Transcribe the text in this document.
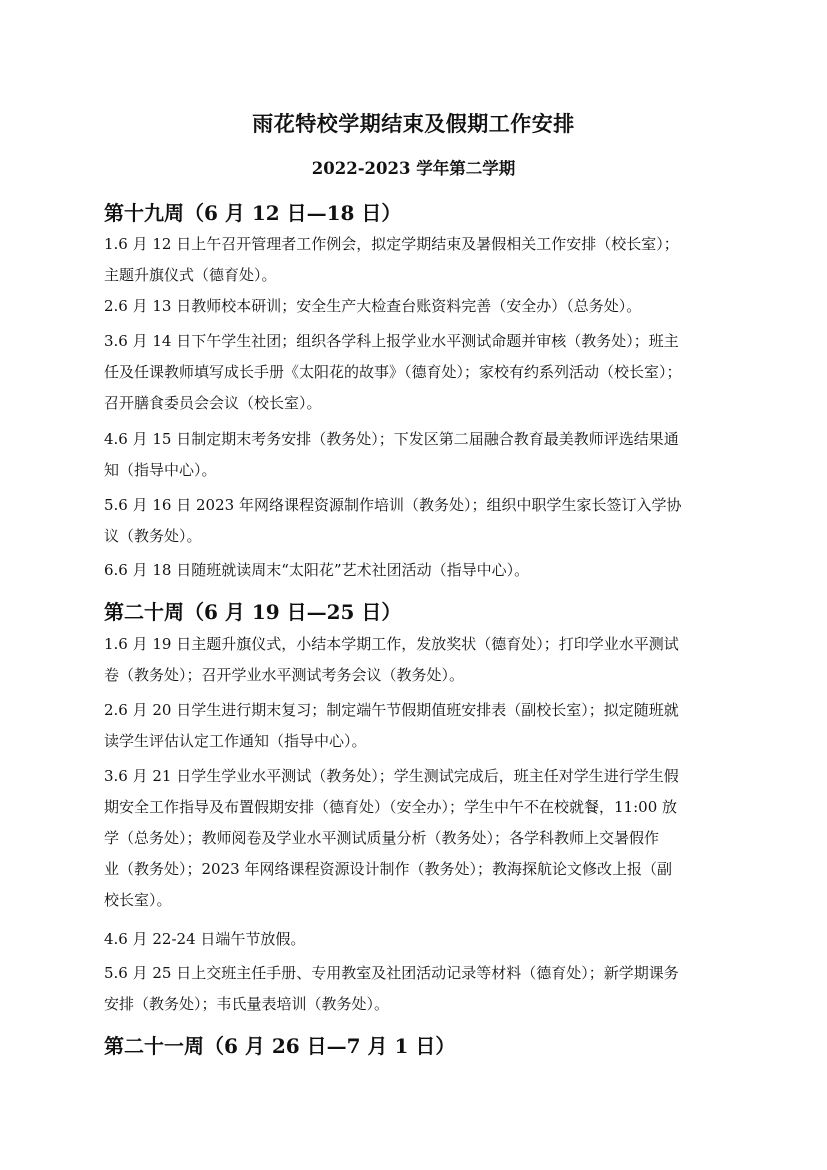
雨花特校学期结束及假期工作安排
2022-2023 学年第二学期
第十九周（6 月 12 日—18 日）
1.6 月 12 日上午召开管理者工作例会，拟定学期结束及暑假相关工作安排（校长室）；
主题升旗仪式（德育处）。
2.6 月 13 日教师校本研训；安全生产大检查台账资料完善（安全办）（总务处）。
3.6 月 14 日下午学生社团；组织各学科上报学业水平测试命题并审核（教务处）；班主
任及任课教师填写成长手册《太阳花的故事》（德育处）；家校有约系列活动（校长室）；
召开膳食委员会会议（校长室）。
4.6 月 15 日制定期末考务安排（教务处）；下发区第二届融合教育最美教师评选结果通
知（指导中心）。
5.6 月 16 日 2023 年网络课程资源制作培训（教务处）；组织中职学生家长签订入学协
议（教务处）。
6.6 月 18 日随班就读周末“太阳花”艺术社团活动（指导中心）。
第二十周（6 月 19 日—25 日）
1.6 月 19 日主题升旗仪式，小结本学期工作，发放奖状（德育处）；打印学业水平测试
卷（教务处）；召开学业水平测试考务会议（教务处）。
2.6 月 20 日学生进行期末复习；制定端午节假期值班安排表（副校长室）；拟定随班就
读学生评估认定工作通知（指导中心）。
3.6 月 21 日学生学业水平测试（教务处）；学生测试完成后，班主任对学生进行学生假
期安全工作指导及布置假期安排（德育处）（安全办）；学生中午不在校就餐，11:00 放
学（总务处）；教师阅卷及学业水平测试质量分析（教务处）；各学科教师上交暑假作
业（教务处）；2023 年网络课程资源设计制作（教务处）；教海探航论文修改上报（副
校长室）。
4.6 月 22-24 日端午节放假。
5.6 月 25 日上交班主任手册、专用教室及社团活动记录等材料（德育处）；新学期课务
安排（教务处）；韦氏量表培训（教务处）。
第二十一周（6 月 26 日—7 月 1 日）
